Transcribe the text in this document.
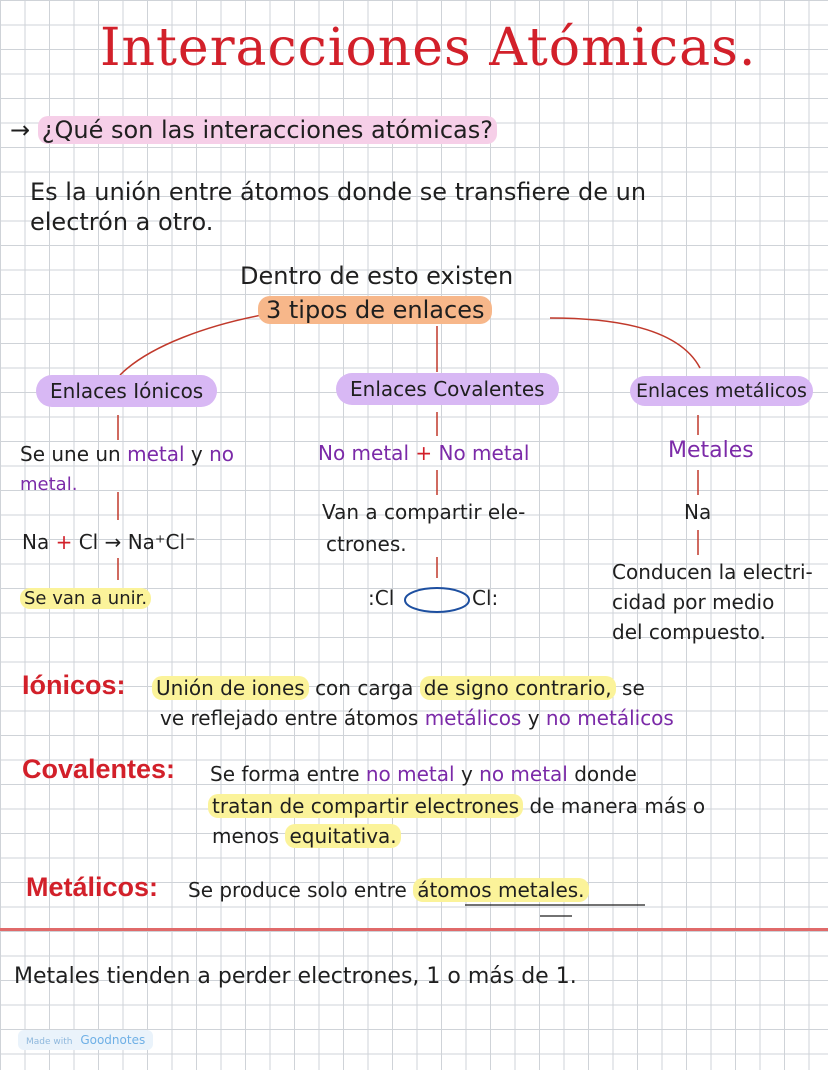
Interacciones Atómicas.
→ ¿Qué son las interacciones atómicas?
Es la unión entre átomos donde se transfiere de un
electrón a otro.
Dentro de esto existen
3 tipos de enlaces
Enlaces Iónicos	Enlaces Covalentes	Enlaces metálicos
Se une un metal y no
metal.
Na + Cl → Na⁺Cl⁻
Se van a unir.
No metal + No metal
Van a compartir ele-
ctrones.
:Cl	Cl:
Metales
Na
Conducen la electri-
cidad por medio
del compuesto.
Iónicos: Unión de iones con carga de signo contrario, se
ve reflejado entre átomos metálicos y no metálicos
Covalentes: Se forma entre no metal y no metal donde
tratan de compartir electrones de manera más o
menos equitativa.
Metálicos: Se produce solo entre átomos metales.
Metales tienden a perder electrones, 1 o más de 1.
Made with Goodnotes
